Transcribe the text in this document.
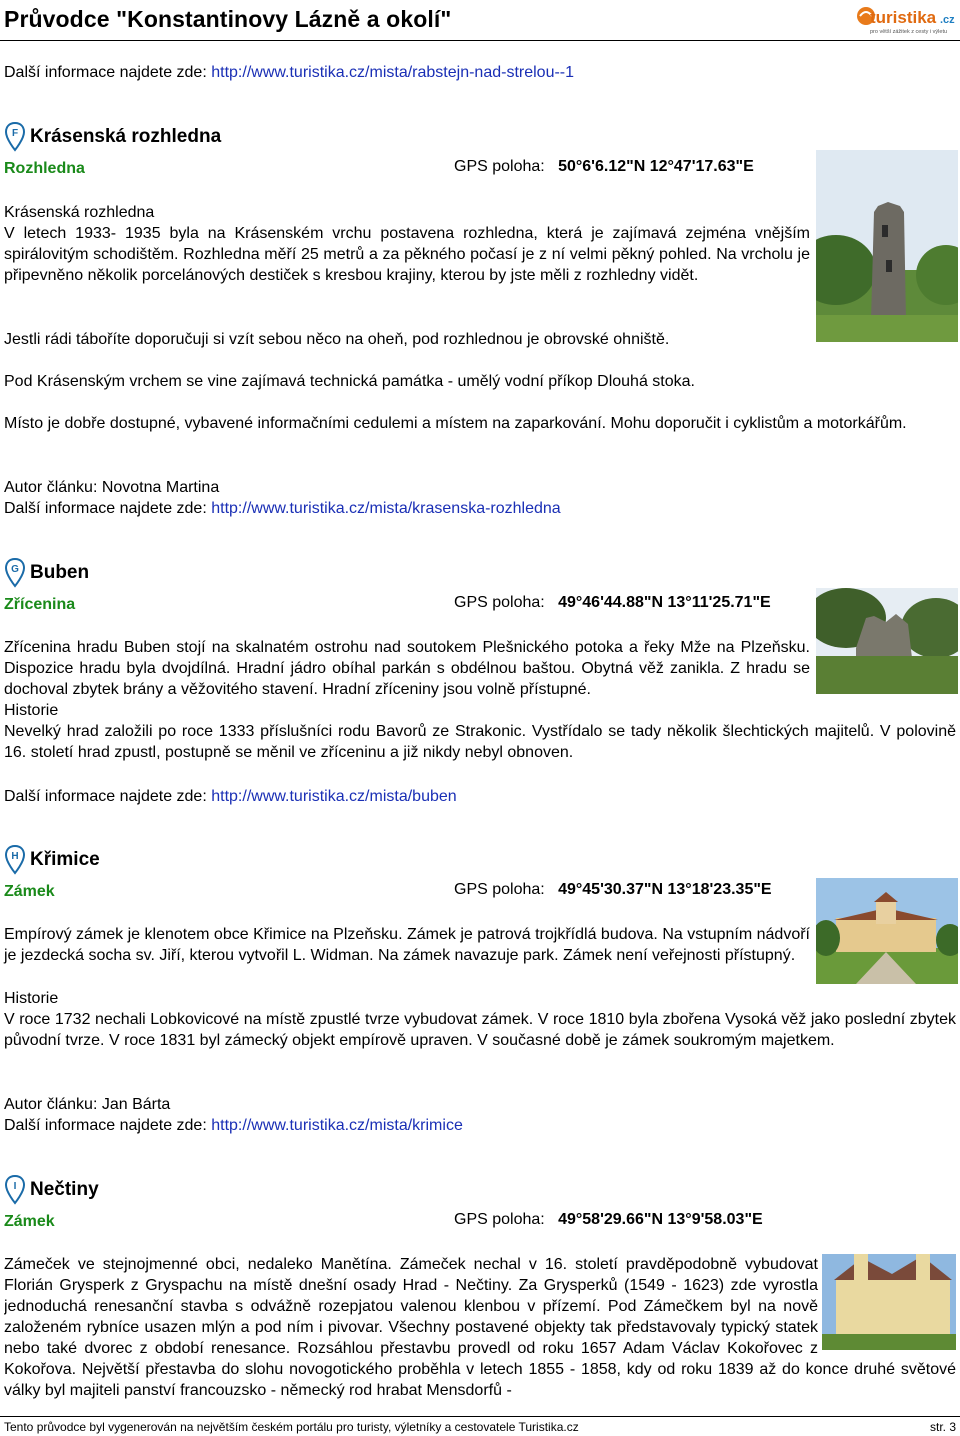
Průvodce "Konstantinovy Lázně a okolí"	turistika .cz
pro větší zážitek z cesty i výletu
Další informace najdete zde: http://www.turistika.cz/mista/rabstejn-nad-strelou--1
F Krásenská rozhledna
Rozhledna	GPS poloha: 50°6'6.12"N 12°47'17.63"E
Krásenská rozhledna
V letech 1933- 1935 byla na Krásenském vrchu postavena rozhledna, která je zajímavá zejména vnějším spirálovitým schodištěm. Rozhledna měří 25 metrů a za pěkného počasí je z ní velmi pěkný pohled. Na vrcholu je připevněno několik porcelánových destiček s kresbou krajiny, kterou by jste měli z rozhledny vidět.
Jestli rádi táboříte doporučuji si vzít sebou něco na oheň, pod rozhlednou je obrovské ohniště.
Pod Krásenským vrchem se vine zajímavá technická památka - umělý vodní příkop Dlouhá stoka.
Místo je dobře dostupné, vybavené informačními cedulemi a místem na zaparkování. Mohu doporučit i cyklistům a motorkářům.
Autor článku: Novotna Martina
Další informace najdete zde: http://www.turistika.cz/mista/krasenska-rozhledna
G Buben
Zřícenina	GPS poloha: 49°46'44.88"N 13°11'25.71"E
Zřícenina hradu Buben stojí na skalnatém ostrohu nad soutokem Plešnického potoka a řeky Mže na Plzeňsku. Dispozice hradu byla dvojdílná. Hradní jádro obíhal parkán s obdélnou baštou. Obytná věž zanikla. Z hradu se dochoval zbytek brány a věžovitého stavení. Hradní zříceniny jsou volně přístupné.
Historie
Nevelký hrad založili po roce 1333 příslušníci rodu Bavorů ze Strakonic. Vystřídalo se tady několik šlechtických majitelů. V polovině 16. století hrad zpustl, postupně se měnil ve zříceninu a již nikdy nebyl obnoven.
Další informace najdete zde: http://www.turistika.cz/mista/buben
H Křimice
Zámek	GPS poloha: 49°45'30.37"N 13°18'23.35"E
Empírový zámek je klenotem obce Křimice na Plzeňsku. Zámek je patrová trojkřídlá budova. Na vstupním nádvoří je jezdecká socha sv. Jiří, kterou vytvořil L. Widman. Na zámek navazuje park. Zámek není veřejnosti přístupný.
Historie
V roce 1732 nechali Lobkovicové na místě zpustlé tvrze vybudovat zámek. V roce 1810 byla zbořena Vysoká věž jako poslední zbytek původní tvrze. V roce 1831 byl zámecký objekt empírově upraven. V současné době je zámek soukromým majetkem.
Autor článku: Jan Bárta
Další informace najdete zde: http://www.turistika.cz/mista/krimice
I Nečtiny
Zámek	GPS poloha: 49°58'29.66"N 13°9'58.03"E
Zámeček ve stejnojmenné obci, nedaleko Manětína. Zámeček nechal v 16. století pravděpodobně vybudovat Florián Grysperk z Gryspachu na místě dnešní osady Hrad - Nečtiny. Za Grysperků (1549 - 1623) zde vyrostla jednoduchá renesanční stavba s odvážně rozepjatou valenou klenbou v přízemí. Pod Zámečkem byl na nově založeném rybníce usazen mlýn a pod ním i pivovar. Všechny postavené objekty tak představovaly typický statek nebo také dvorec z období renesance. Rozsáhlou přestavbu provedl od roku 1657 Adam Václav Kokořovec z Kokořova. Největší přestavba do slohu novogotického proběhla v letech 1855 - 1858, kdy od roku 1839 až do konce druhé světové války byl majiteli panství francouzsko - německý rod hrabat Mensdorfů -
Tento průvodce byl vygenerován na největším českém portálu pro turisty, výletníky a cestovatele Turistika.cz	str. 3
